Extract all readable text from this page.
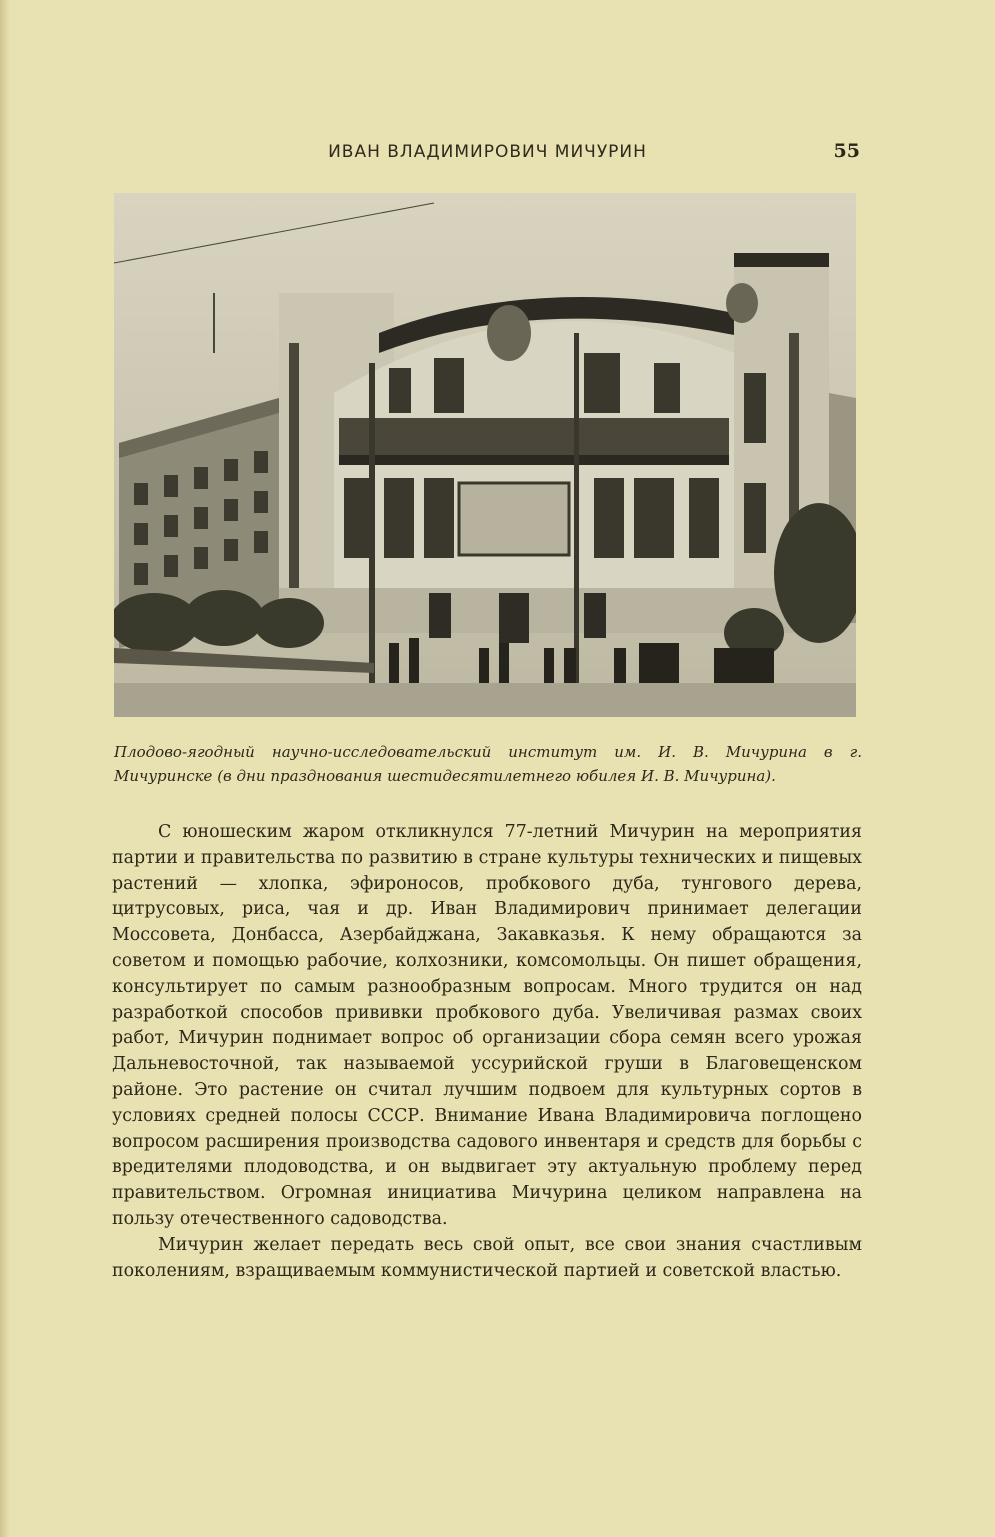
ИВАН ВЛАДИМИРОВИЧ МИЧУРИН	55
Плодово-ягодный научно-исследовательский институт им. И. В. Мичурина в г. Мичуринске (в дни празднования шестидесятилетнего юбилея И. В. Мичурина).

С юношеским жаром откликнулся 77-летний Мичурин на мероприятия партии и правительства по развитию в стране культуры технических и пищевых растений — хлопка, эфироносов, пробкового дуба, тунгового дерева, цитрусовых, риса, чая и др. Иван Владимирович принимает делегации Моссовета, Донбасса, Азербайджана, Закавказья. К нему обращаются за советом и помощью рабочие, колхозники, комсомольцы. Он пишет обращения, консультирует по самым разнообразным вопросам. Много трудится он над разработкой способов прививки пробкового дуба. Увеличивая размах своих работ, Мичурин поднимает вопрос об организации сбора семян всего урожая Дальневосточной, так называемой уссурийской груши в Благовещенском районе. Это растение он считал лучшим подвоем для культурных сортов в условиях средней полосы СССР. Внимание Ивана Владимировича поглощено вопросом расширения производства садового инвентаря и средств для борьбы с вредителями плодоводства, и он выдвигает эту актуальную проблему перед правительством. Огромная инициатива Мичурина целиком направлена на пользу отечественного садоводства.

Мичурин желает передать весь свой опыт, все свои знания счастливым поколениям, взращиваемым коммунистической партией и советской властью.
